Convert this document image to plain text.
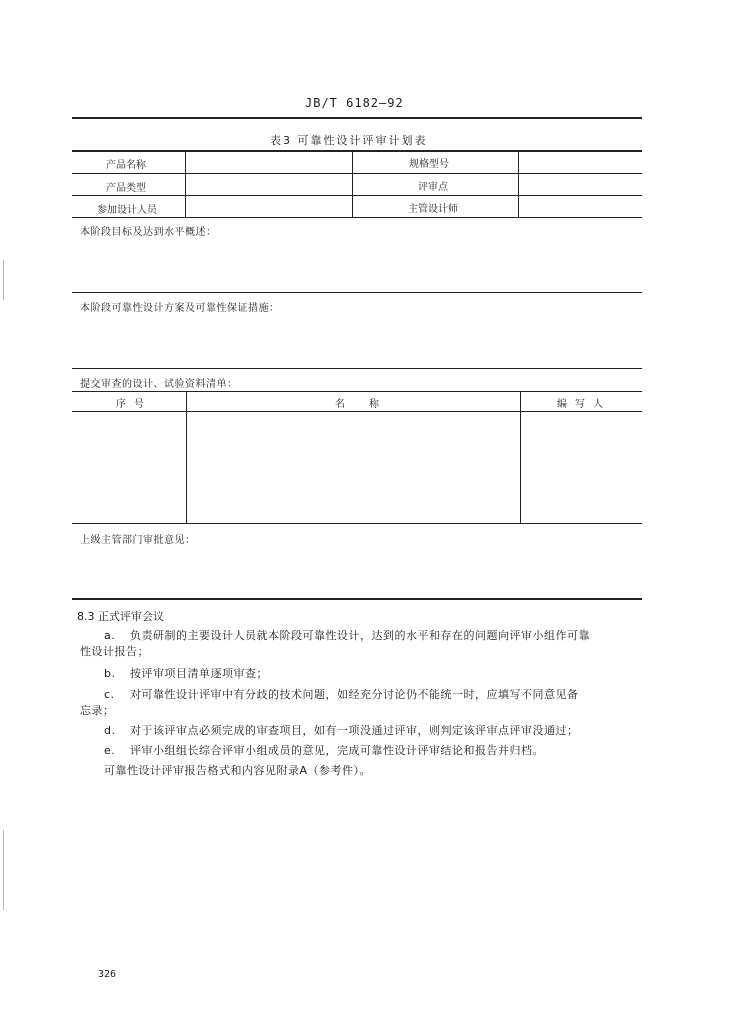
JB/T 6182—92
表3 可靠性设计评审计划表
产品名称	规格型号
产品类型	评审点
参加设计人员	主管设计师
本阶段目标及达到水平概述：
本阶段可靠性设计方案及可靠性保证措施：
提交审查的设计、试验资料清单：
序号	名称	编写人
上级主管部门审批意见：
8.3 正式评审会议
a. 负责研制的主要设计人员就本阶段可靠性设计，达到的水平和存在的问题向评审小组作可靠
性设计报告；
b. 按评审项目清单逐项审查；
c. 对可靠性设计评审中有分歧的技术问题，如经充分讨论仍不能统一时，应填写不同意见备
忘录；
d. 对于该评审点必须完成的审查项目，如有一项没通过评审，则判定该评审点评审没通过；
e. 评审小组组长综合评审小组成员的意见，完成可靠性设计评审结论和报告并归档。
可靠性设计评审报告格式和内容见附录A（参考件）。
326
